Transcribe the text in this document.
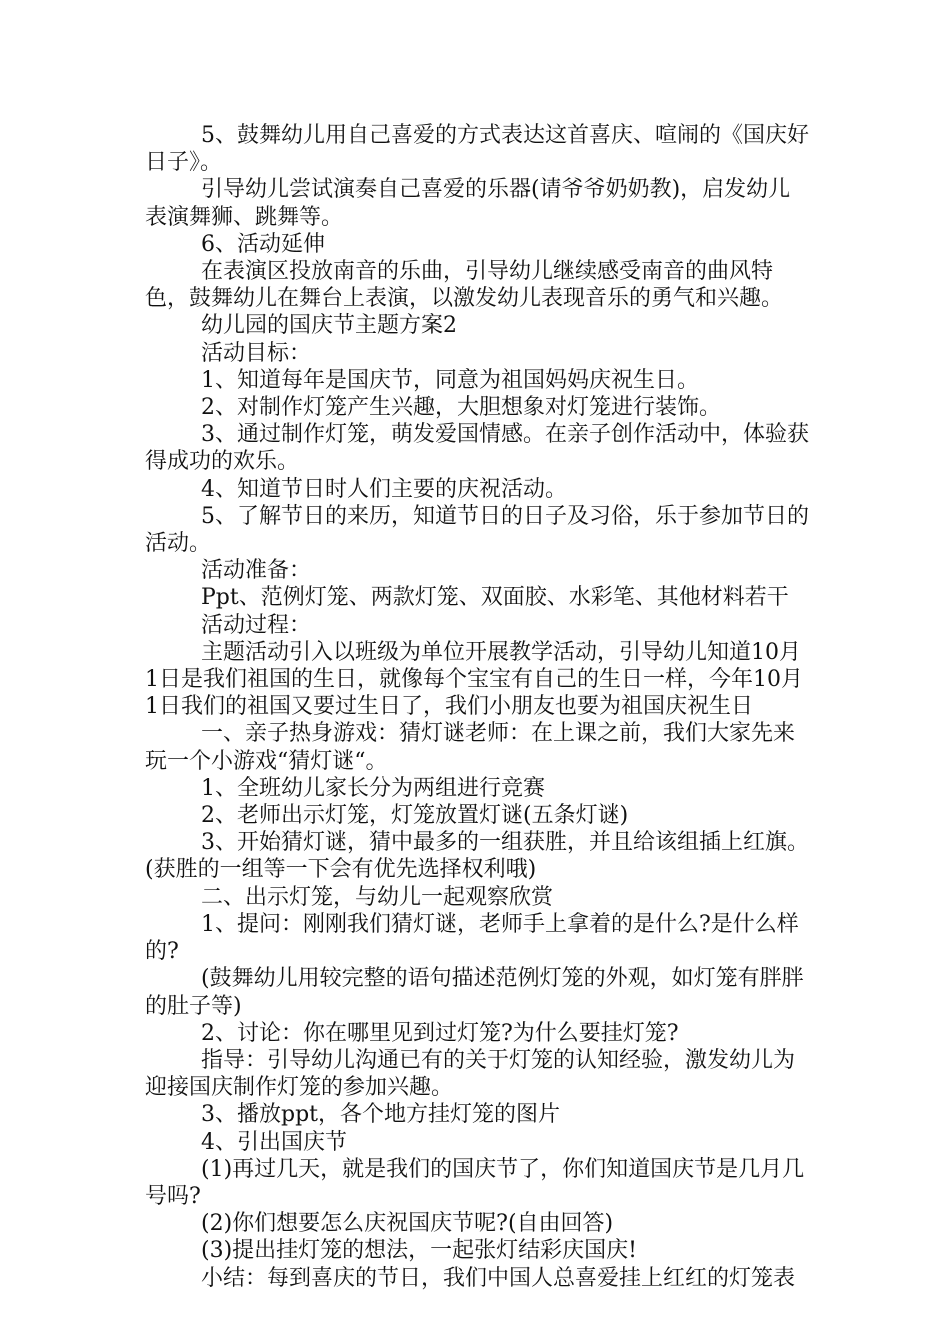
5、鼓舞幼儿用自己喜爱的方式表达这首喜庆、喧闹的《国庆好日子》。

引导幼儿尝试演奏自己喜爱的乐器(请爷爷奶奶教)，启发幼儿表演舞狮、跳舞等。

6、活动延伸

在表演区投放南音的乐曲，引导幼儿继续感受南音的曲风特色，鼓舞幼儿在舞台上表演，以激发幼儿表现音乐的勇气和兴趣。

幼儿园的国庆节主题方案2

活动目标：

1、知道每年是国庆节，同意为祖国妈妈庆祝生日。

2、对制作灯笼产生兴趣，大胆想象对灯笼进行装饰。

3、通过制作灯笼，萌发爱国情感。在亲子创作活动中，体验获得成功的欢乐。

4、知道节日时人们主要的庆祝活动。

5、了解节日的来历，知道节日的日子及习俗，乐于参加节日的活动。

活动准备：

Ppt、范例灯笼、两款灯笼、双面胶、水彩笔、其他材料若干

活动过程：

主题活动引入以班级为单位开展教学活动，引导幼儿知道10月1日是我们祖国的生日，就像每个宝宝有自己的生日一样，今年10月1日我们的祖国又要过生日了，我们小朋友也要为祖国庆祝生日

一、亲子热身游戏：猜灯谜老师：在上课之前，我们大家先来玩一个小游戏“猜灯谜“。

1、全班幼儿家长分为两组进行竞赛

2、老师出示灯笼，灯笼放置灯谜(五条灯谜)

3、开始猜灯谜，猜中最多的一组获胜，并且给该组插上红旗。(获胜的一组等一下会有优先选择权利哦)

二、出示灯笼，与幼儿一起观察欣赏

1、提问：刚刚我们猜灯谜，老师手上拿着的是什么?是什么样的?

(鼓舞幼儿用较完整的语句描述范例灯笼的外观，如灯笼有胖胖的肚子等)

2、讨论：你在哪里见到过灯笼?为什么要挂灯笼?

指导：引导幼儿沟通已有的关于灯笼的认知经验，激发幼儿为迎接国庆制作灯笼的参加兴趣。

3、播放ppt，各个地方挂灯笼的图片

4、引出国庆节

(1)再过几天，就是我们的国庆节了，你们知道国庆节是几月几号吗?

(2)你们想要怎么庆祝国庆节呢?(自由回答)

(3)提出挂灯笼的想法，一起张灯结彩庆国庆!

小结：每到喜庆的节日，我们中国人总喜爱挂上红红的灯笼表
